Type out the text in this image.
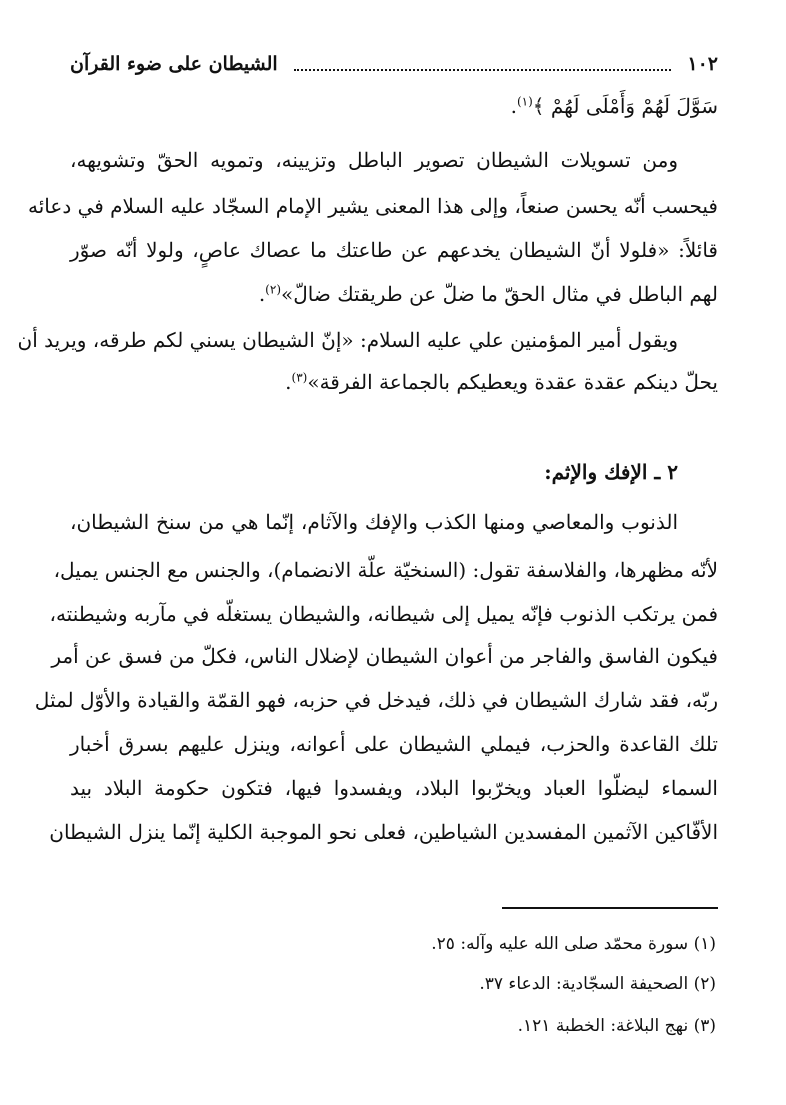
١٠٢
الشيطان على ضوء القرآن
سَوَّلَ لَهُمْ وَأَمْلَى لَهُمْ ﴾$^{(١)}$.
ومن تسويلات الشيطان تصوير الباطل وتزيينه، وتمويه الحقّ وتشويهه،
فيحسب أنّه يحسن صنعاً، وإلى هذا المعنى يشير الإمام السجّاد عليه السلام في دعائه
قائلاً: «فلولا أنّ الشيطان يخدعهم عن طاعتك ما عصاك عاصٍ، ولولا أنّه صوّر
لهم الباطل في مثال الحقّ ما ضلّ عن طريقتك ضالّ»$^{(٢)}$.
ويقول أمير المؤمنين علي عليه السلام: «إنّ الشيطان يسني لكم طرقه، ويريد أن
يحلّ دينكم عقدة عقدة ويعطيكم بالجماعة الفرقة»$^{(٣)}$.
٢ ـ الإفك والإثم:
الذنوب والمعاصي ومنها الكذب والإفك والآثام، إنّما هي من سنخ الشيطان،
لأنّه مظهرها، والفلاسفة تقول: (السنخيّة علّة الانضمام)، والجنس مع الجنس يميل،
فمن يرتكب الذنوب فإنّه يميل إلى شيطانه، والشيطان يستغلّه في مآربه وشيطنته،
فيكون الفاسق والفاجر من أعوان الشيطان لإضلال الناس، فكلّ من فسق عن أمر
ربّه، فقد شارك الشيطان في ذلك، فيدخل في حزبه، فهو القمّة والقيادة والأوّل لمثل
تلك القاعدة والحزب، فيملي الشيطان على أعوانه، وينزل عليهم بسرق أخبار
السماء ليضلّوا العباد ويخرّبوا البلاد، ويفسدوا فيها، فتكون حكومة البلاد بيد
الأفّاكين الآثمين المفسدين الشياطين، فعلى نحو الموجبة الكلية إنّما ينزل الشيطان
(١) سورة محمّد صلى الله عليه وآله: ٢٥.
(٢) الصحيفة السجّادية: الدعاء ٣٧.
(٣) نهج البلاغة: الخطبة ١٢١.
